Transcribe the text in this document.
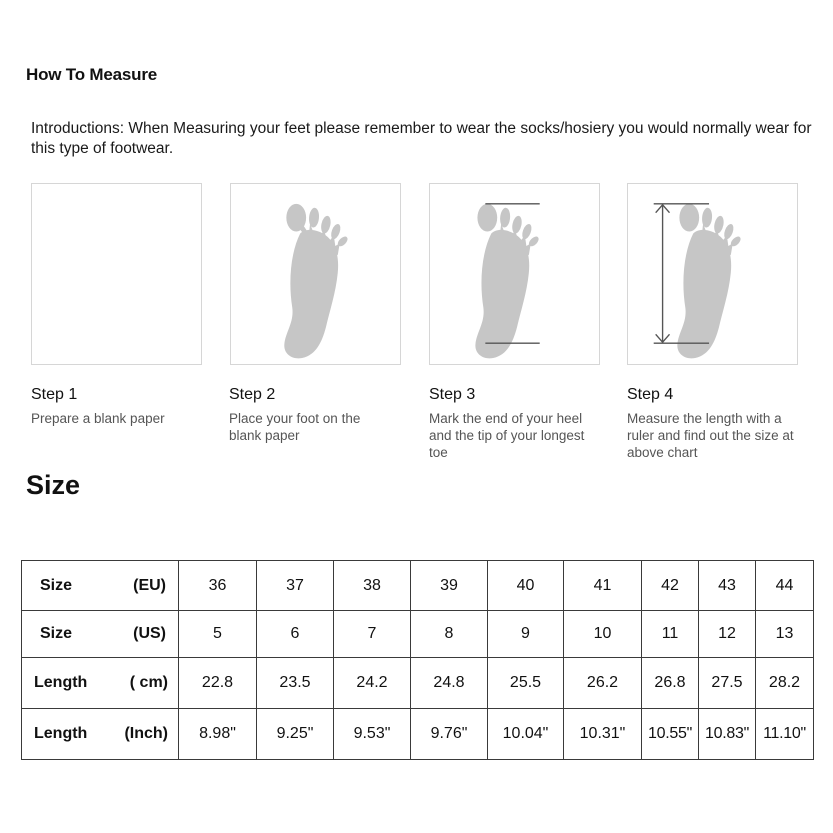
How To Measure
Introductions: When Measuring your feet please remember to wear the socks/hosiery you would normally wear for this type of footwear.
Step 1
Prepare a blank paper
Step 2
Place your foot on the blank paper
Step 3
Mark the end of your heel and the tip of your longest toe
Step 4
Measure the length with a ruler and find out the size at above chart
Size
Size (EU)	36	37	38	39	40	41	42	43	44

Size (US)	5	6	7	8	9	10	11	12	13

Length ( cm)	22.8	23.5	24.2	24.8	25.5	26.2	26.8	27.5	28.2

Length (Inch)	8.98"	9.25"	9.53"	9.76"	10.04"	10.31"	10.55"	10.83"	11.10"
